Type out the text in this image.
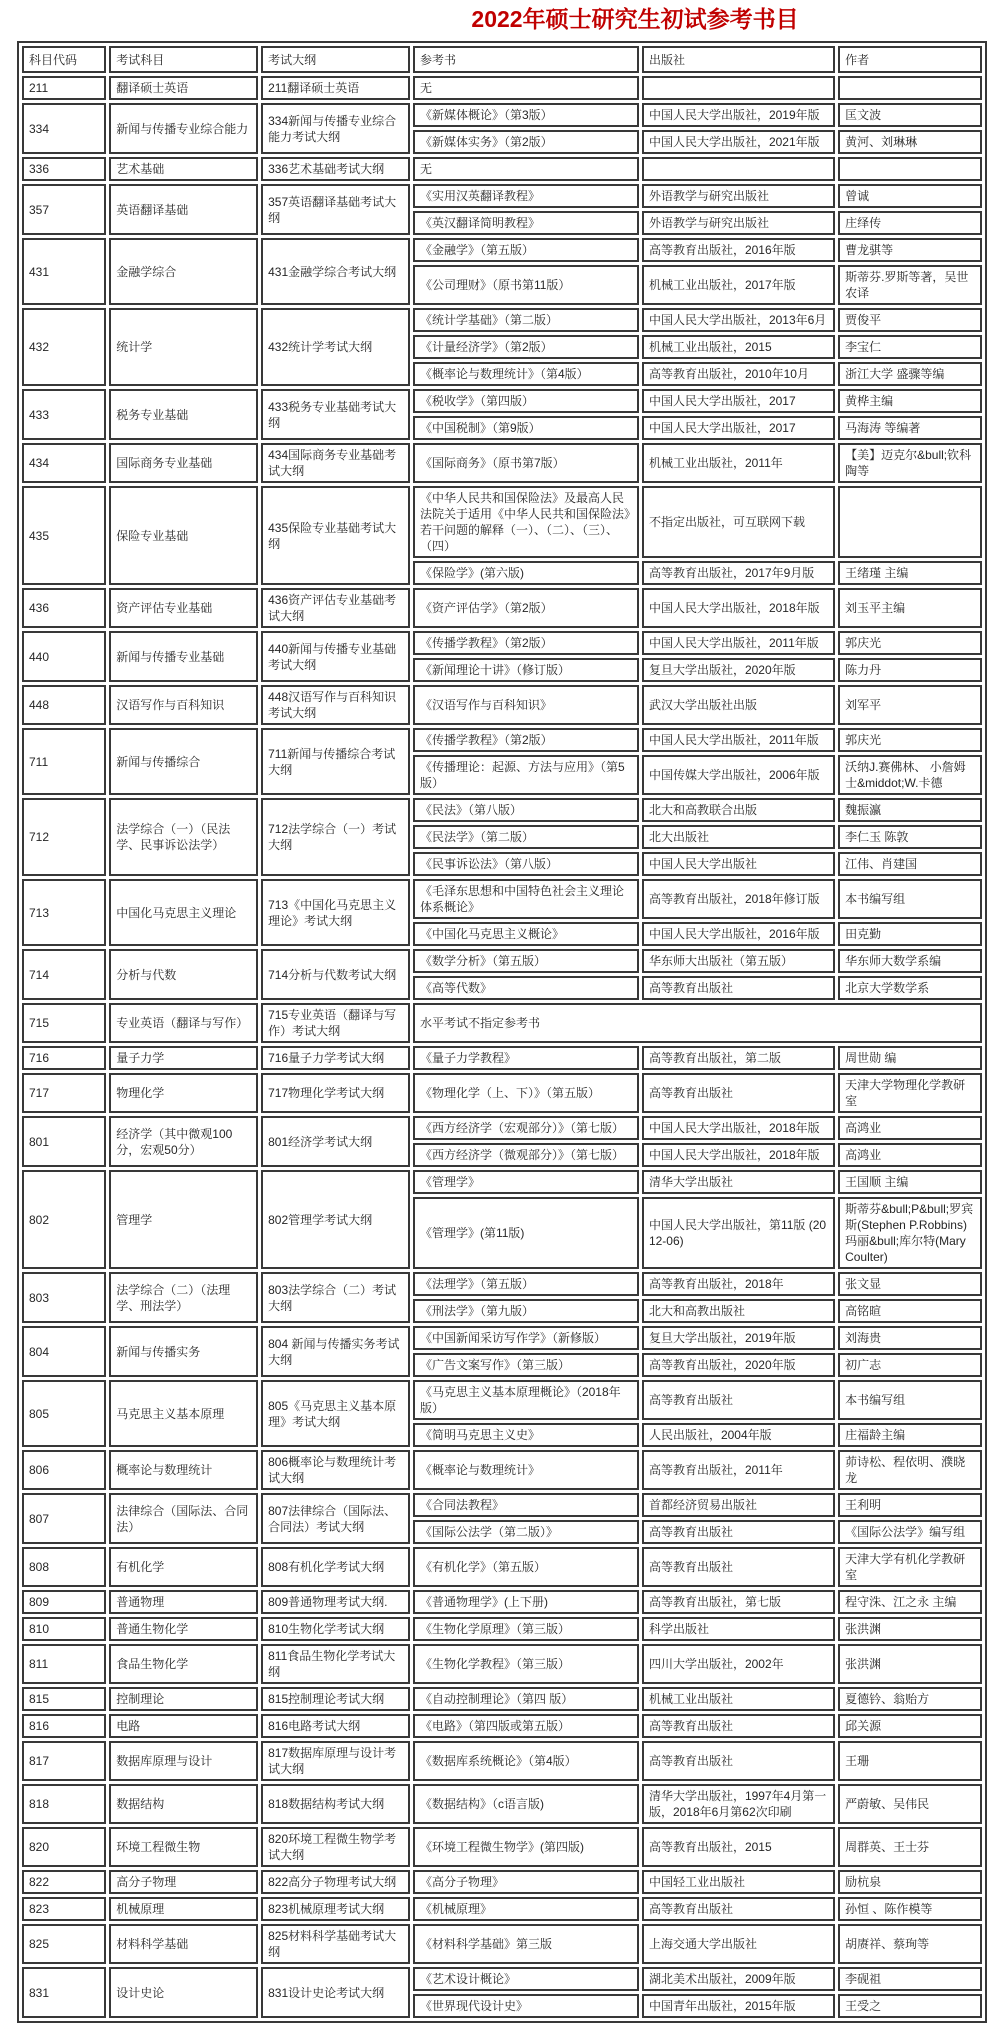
2022年硕士研究生初试参考书目
科目代码	考试科目	考试大纲	参考书	出版社	作者
211	翻译硕士英语	211翻译硕士英语	无		
334	新闻与传播专业综合能力	334新闻与传播专业综合能力考试大纲	《新媒体概论》（第3版）	中国人民大学出版社，2019年版	匡文波
			《新媒体实务》（第2版）	中国人民大学出版社，2021年版	黄河、刘琳琳
336	艺术基础	336艺术基础考试大纲	无		
357	英语翻译基础	357英语翻译基础考试大纲	《实用汉英翻译教程》	外语教学与研究出版社	曾诚
			《英汉翻译简明教程》	外语教学与研究出版社	庄绎传
431	金融学综合	431金融学综合考试大纲	《金融学》（第五版）	高等教育出版社，2016年版	曹龙骐等
			《公司理财》（原书第11版）	机械工业出版社，2017年版	斯蒂芬.罗斯等著，吴世农译
432	统计学	432统计学考试大纲	《统计学基础》（第二版）	中国人民大学出版社，2013年6月	贾俊平
			《计量经济学》（第2版）	机械工业出版社，2015	李宝仁
			《概率论与数理统计》（第4版）	高等教育出版社，2010年10月	浙江大学 盛骤等编
433	税务专业基础	433税务专业基础考试大纲	《税收学》（第四版）	中国人民大学出版社，2017	黄桦主编
			《中国税制》（第9版）	中国人民大学出版社，2017	马海涛 等编著
434	国际商务专业基础	434国际商务专业基础考试大纲	《国际商务》（原书第7版）	机械工业出版社，2011年	【美】迈克尔&bull;钦科陶等
435	保险专业基础	435保险专业基础考试大纲	《中华人民共和国保险法》及最高人民法院关于适用《中华人民共和国保险法》若干问题的解释（一）、（二）、（三）、（四）	不指定出版社，可互联网下载	
			《保险学》(第六版)	高等教育出版社，2017年9月版	王绪瑾 主编
436	资产评估专业基础	436资产评估专业基础考试大纲	《资产评估学》（第2版）	中国人民大学出版社，2018年版	刘玉平主编
440	新闻与传播专业基础	440新闻与传播专业基础考试大纲	《传播学教程》（第2版）	中国人民大学出版社，2011年版	郭庆光
			《新闻理论十讲》（修订版）	复旦大学出版社，2020年版	陈力丹
448	汉语写作与百科知识	448汉语写作与百科知识考试大纲	《汉语写作与百科知识》	武汉大学出版社出版	刘军平
711	新闻与传播综合	711新闻与传播综合考试大纲	《传播学教程》（第2版）	中国人民大学出版社，2011年版	郭庆光
			《传播理论：起源、方法与应用》（第5版）	中国传媒大学出版社，2006年版	沃纳J.赛佛林、 小詹姆士&middot;W.卡德
712	法学综合（一）（民法学、民事诉讼法学）	712法学综合（一）考试大纲	《民法》（第八版）	北大和高教联合出版	魏振瀛
			《民法学》（第二版）	北大出版社	李仁玉 陈敦
			《民事诉讼法》（第八版）	中国人民大学出版社	江伟、肖建国
713	中国化马克思主义理论	713《中国化马克思主义理论》考试大纲	《毛泽东思想和中国特色社会主义理论体系概论》	高等教育出版社，2018年修订版	本书编写组
			《中国化马克思主义概论》	中国人民大学出版社，2016年版	田克勤
714	分析与代数	714分析与代数考试大纲	《数学分析》（第五版）	华东师大出版社（第五版）	华东师大数学系编
			《高等代数》	高等教育出版社	北京大学数学系
715	专业英语（翻译与写作）	715专业英语（翻译与写作）考试大纲	水平考试不指定参考书		
716	量子力学	716量子力学考试大纲	《量子力学教程》	高等教育出版社，第二版	周世勋 编
717	物理化学	717物理化学考试大纲	《物理化学（上、下）》（第五版）	高等教育出版社	天津大学物理化学教研室
801	经济学（其中微观100分，宏观50分）	801经济学考试大纲	《西方经济学（宏观部分）》（第七版）	中国人民大学出版社，2018年版	高鸿业
			《西方经济学（微观部分）》（第七版）	中国人民大学出版社，2018年版	高鸿业
802	管理学	802管理学考试大纲	《管理学》	清华大学出版社	王国顺 主编
			《管理学》(第11版)	中国人民大学出版社，第11版 (2012-06)	斯蒂芬&bull;P&bull;罗宾斯(Stephen P.Robbins) 玛丽&bull;库尔特(Mary Coulter)
803	法学综合（二）（法理学、刑法学）	803法学综合（二）考试大纲	《法理学》（第五版）	高等教育出版社，2018年	张文显
			《刑法学》（第九版）	北大和高教出版社	高铭暄
804	新闻与传播实务	804 新闻与传播实务考试大纲	《中国新闻采访写作学》（新修版）	复旦大学出版社，2019年版	刘海贵
			《广告文案写作》（第三版）	高等教育出版社，2020年版	初广志
805	马克思主义基本原理	805《马克思主义基本原理》考试大纲	《马克思主义基本原理概论》（2018年版）	高等教育出版社	本书编写组
			《简明马克思主义史》	人民出版社，2004年版	庄福龄主编
806	概率论与数理统计	806概率论与数理统计考试大纲	《概率论与数理统计》	高等教育出版社，2011年	茆诗松、程依明、濮晓龙
807	法律综合（国际法、合同法）	807法律综合（国际法、合同法）考试大纲	《合同法教程》	首都经济贸易出版社	王利明
			《国际公法学（第二版）》	高等教育出版社	《国际公法学》编写组
808	有机化学	808有机化学考试大纲	《有机化学》（第五版）	高等教育出版社	天津大学有机化学教研室
809	普通物理	809普通物理考试大纲.	《普通物理学》(上下册)	高等教育出版社，第七版	程守洙、江之永 主编
810	普通生物化学	810生物化学考试大纲	《生物化学原理》（第三版）	科学出版社	张洪渊
811	食品生物化学	811食品生物化学考试大纲	《生物化学教程》（第三版）	四川大学出版社，2002年	张洪渊
815	控制理论	815控制理论考试大纲	《自动控制理论》（第四 版）	机械工业出版社	夏德钤、翁贻方
816	电路	816电路考试大纲	《电路》（第四版或第五版）	高等教育出版社	邱关源
817	数据库原理与设计	817数据库原理与设计考试大纲	《数据库系统概论》（第4版）	高等教育出版社	王珊
818	数据结构	818数据结构考试大纲	《数据结构》（c语言版)	清华大学出版社，1997年4月第一版，2018年6月第62次印刷	严蔚敏、吴伟民
820	环境工程微生物	820环境工程微生物学考试大纲	《环境工程微生物学》(第四版)	高等教育出版社，2015	周群英、王士芬
822	高分子物理	822高分子物理考试大纲	《高分子物理》	中国轻工业出版社	励杭泉
823	机械原理	823机械原理考试大纲	《机械原理》	高等教育出版社	孙恒 、陈作模等
825	材料科学基础	825材料科学基础考试大纲	《材料科学基础》第三版	上海交通大学出版社	胡赓祥、蔡珣等
831	设计史论	831设计史论考试大纲	《艺术设计概论》	湖北美术出版社，2009年版	李砚祖
			《世界现代设计史》	中国青年出版社，2015年版	王受之
